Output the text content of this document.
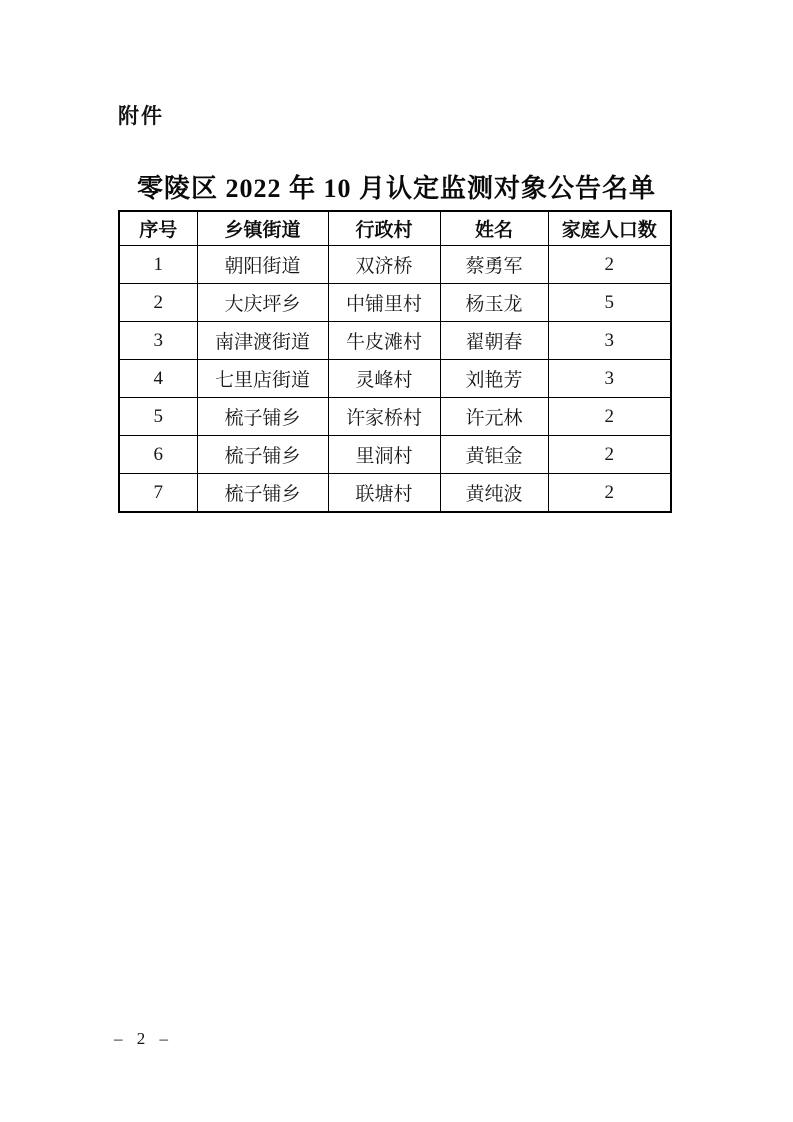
附件
零陵区 2022 年 10 月认定监测对象公告名单
序号	乡镇街道	行政村	姓名	家庭人口数
1	朝阳街道	双济桥	蔡勇军	2
2	大庆坪乡	中铺里村	杨玉龙	5
3	南津渡街道	牛皮滩村	翟朝春	3
4	七里店街道	灵峰村	刘艳芳	3
5	梳子铺乡	许家桥村	许元林	2
6	梳子铺乡	里洞村	黄钜金	2
7	梳子铺乡	联塘村	黄纯波	2
– 2 –
